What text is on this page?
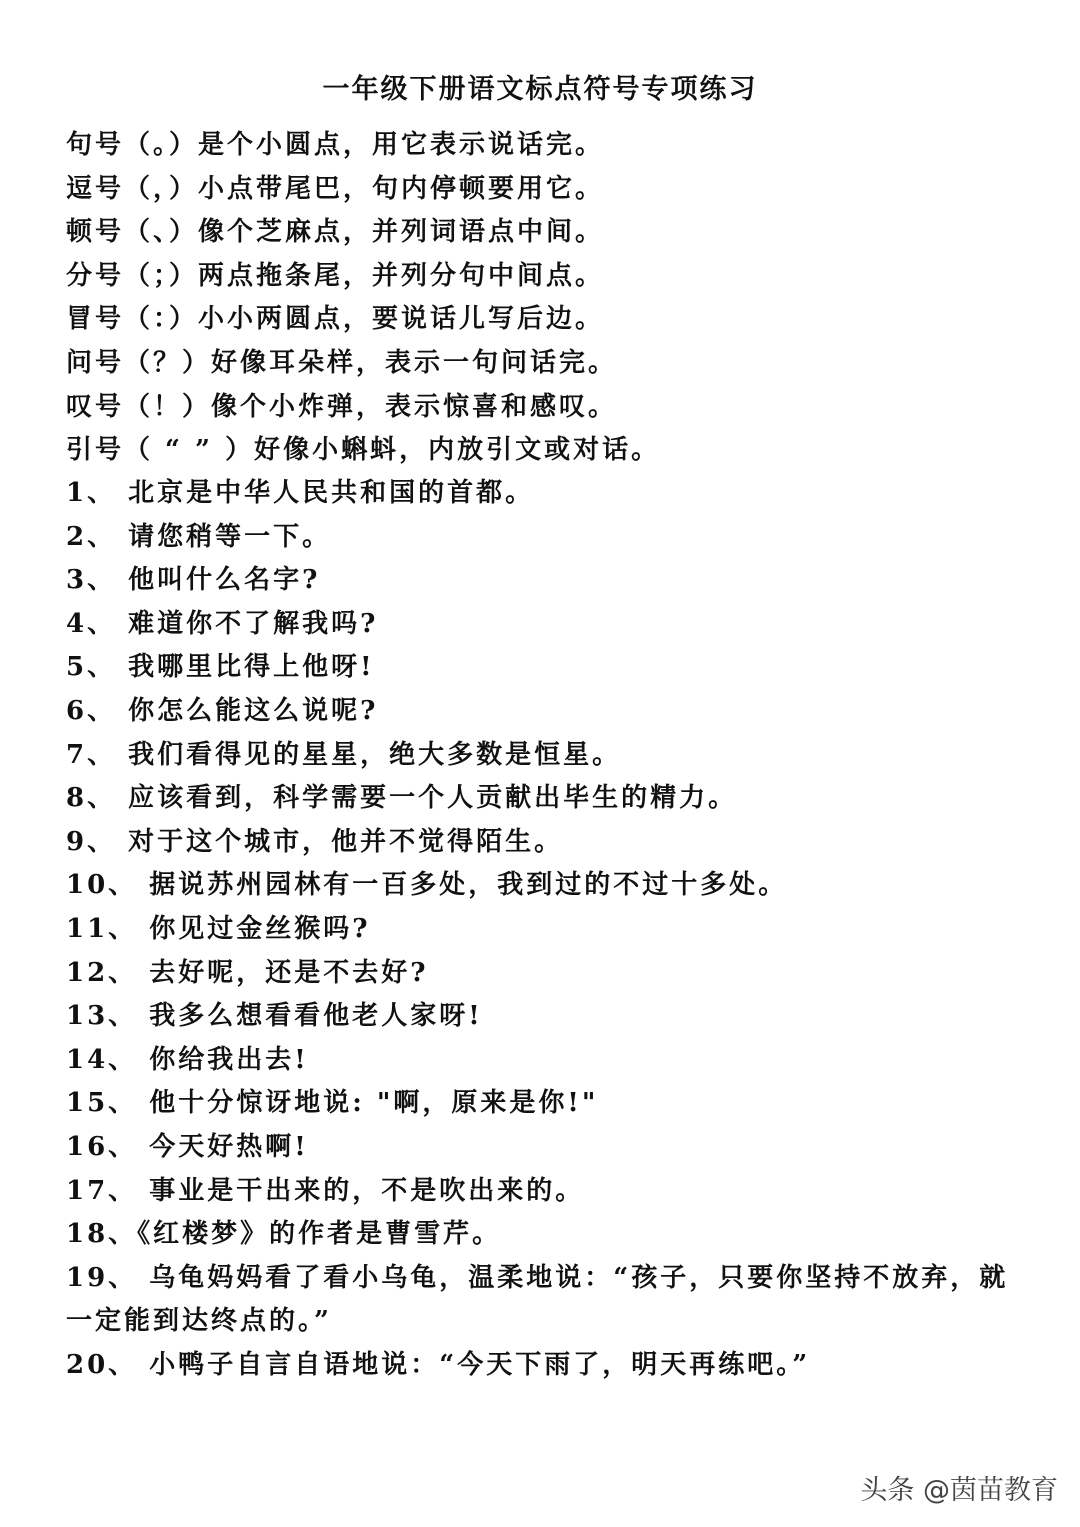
一年级下册语文标点符号专项练习
句号（。）是个小圆点，用它表示说话完。
逗号（，）小点带尾巴，句内停顿要用它。
顿号（、）像个芝麻点，并列词语点中间。
分号（；）两点拖条尾，并列分句中间点。
冒号（：）小小两圆点，要说话儿写后边。
问号（？）好像耳朵样，表示一句问话完。
叹号（！）像个小炸弹，表示惊喜和感叹。
引号（ “ ” ）好像小蝌蚪，内放引文或对话。
1、 北京是中华人民共和国的首都。
2、 请您稍等一下。
3、 他叫什么名字?
4、 难道你不了解我吗?
5、 我哪里比得上他呀!
6、 你怎么能这么说呢?
7、 我们看得见的星星，绝大多数是恒星。
8、 应该看到，科学需要一个人贡献出毕生的精力。
9、 对于这个城市，他并不觉得陌生。
10、 据说苏州园林有一百多处，我到过的不过十多处。
11、 你见过金丝猴吗?
12、 去好呢，还是不去好?
13、 我多么想看看他老人家呀!
14、 你给我出去!
15、 他十分惊讶地说: "啊，原来是你!"
16、 今天好热啊!
17、 事业是干出来的，不是吹出来的。
18、《红楼梦》的作者是曹雪芹。
19、 乌龟妈妈看了看小乌龟，温柔地说：“孩子，只要你坚持不放弃，就一定能到达终点的。”
20、 小鸭子自言自语地说：“今天下雨了，明天再练吧。”
头条 @茵苗教育
